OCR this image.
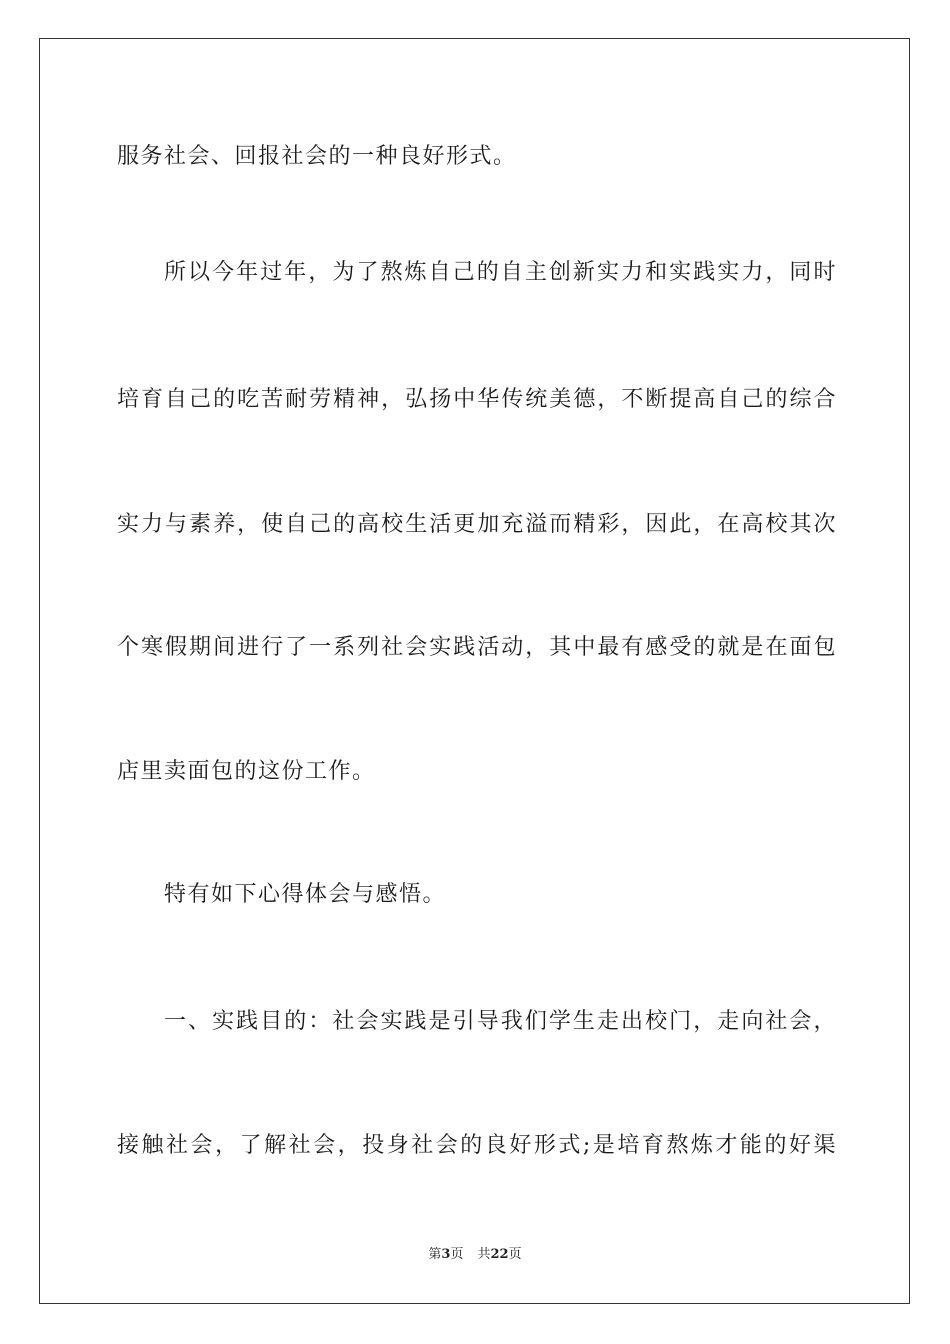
服务社会、回报社会的一种良好形式。
所以今年过年，为了熬炼自己的自主创新实力和实践实力，同时
培育自己的吃苦耐劳精神，弘扬中华传统美德，不断提高自己的综合
实力与素养，使自己的高校生活更加充溢而精彩，因此，在高校其次
个寒假期间进行了一系列社会实践活动，其中最有感受的就是在面包
店里卖面包的这份工作。
特有如下心得体会与感悟。
一、实践目的：社会实践是引导我们学生走出校门，走向社会，
接触社会，了解社会，投身社会的良好形式;是培育熬炼才能的好渠
第3页 共22页
